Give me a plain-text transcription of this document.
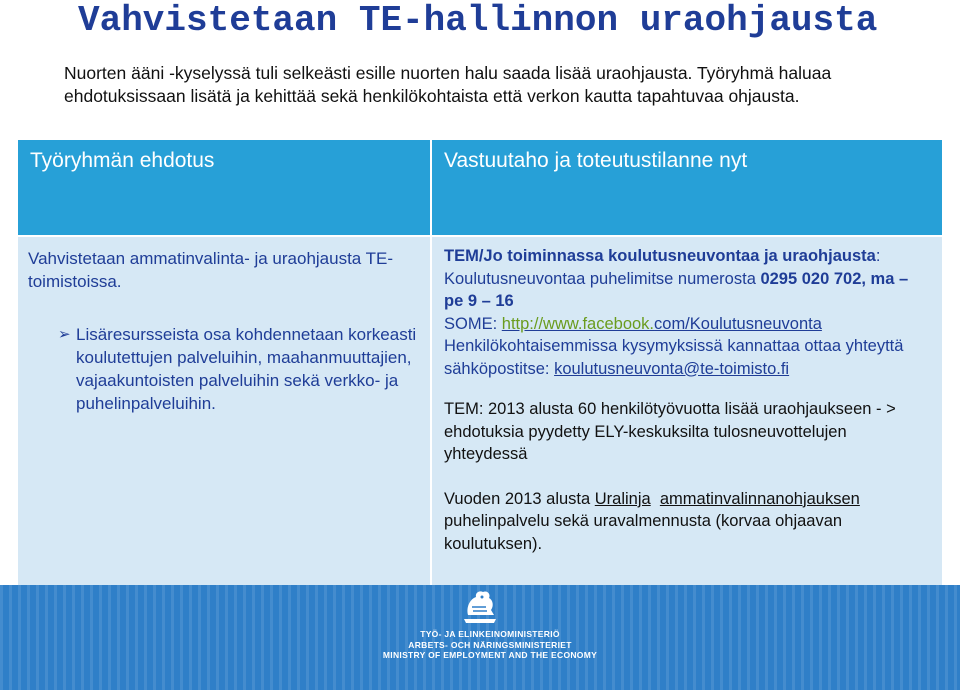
Vahvistetaan TE-hallinnon uraohjausta

Nuorten ääni -kyselyssä tuli selkeästi esille nuorten halu saada lisää uraohjausta. Työryhmä haluaa ehdotuksissaan lisätä ja kehittää sekä henkilökohtaista että verkon kautta tapahtuvaa ohjausta.

Työryhmän ehdotus	Vastuutaho ja toteutustilanne nyt

Vahvistetaan ammatinvalinta- ja uraohjausta TE-toimistoissa.

➢ Lisäresursseista osa kohdennetaan korkeasti koulutettujen palveluihin, maahanmuuttajien, vajaakuntoisten palveluihin sekä verkko- ja puhelinpalveluihin.

TEM/Jo toiminnassa koulutusneuvontaa ja uraohjausta:
Koulutusneuvontaa puhelimitse numerosta 0295 020 702, ma – pe 9 – 16
SOME: http://www.facebook.com/Koulutusneuvonta
Henkilökohtaisemmissa kysymyksissä kannattaa ottaa yhteyttä sähköpostitse: koulutusneuvonta@te-toimisto.fi

TEM: 2013 alusta 60 henkilötyövuotta lisää uraohjaukseen - > ehdotuksia pyydetty ELY-keskuksilta tulosneuvottelujen yhteydessä

Vuoden 2013 alusta Uralinja ammatinvalinnanohjauksen puhelinpalvelu sekä uravalmennusta (korvaa ohjaavan koulutuksen).

TYÖ- JA ELINKEINOMINISTERIÖ
ARBETS- OCH NÄRINGSMINISTERIET
MINISTRY OF EMPLOYMENT AND THE ECONOMY
